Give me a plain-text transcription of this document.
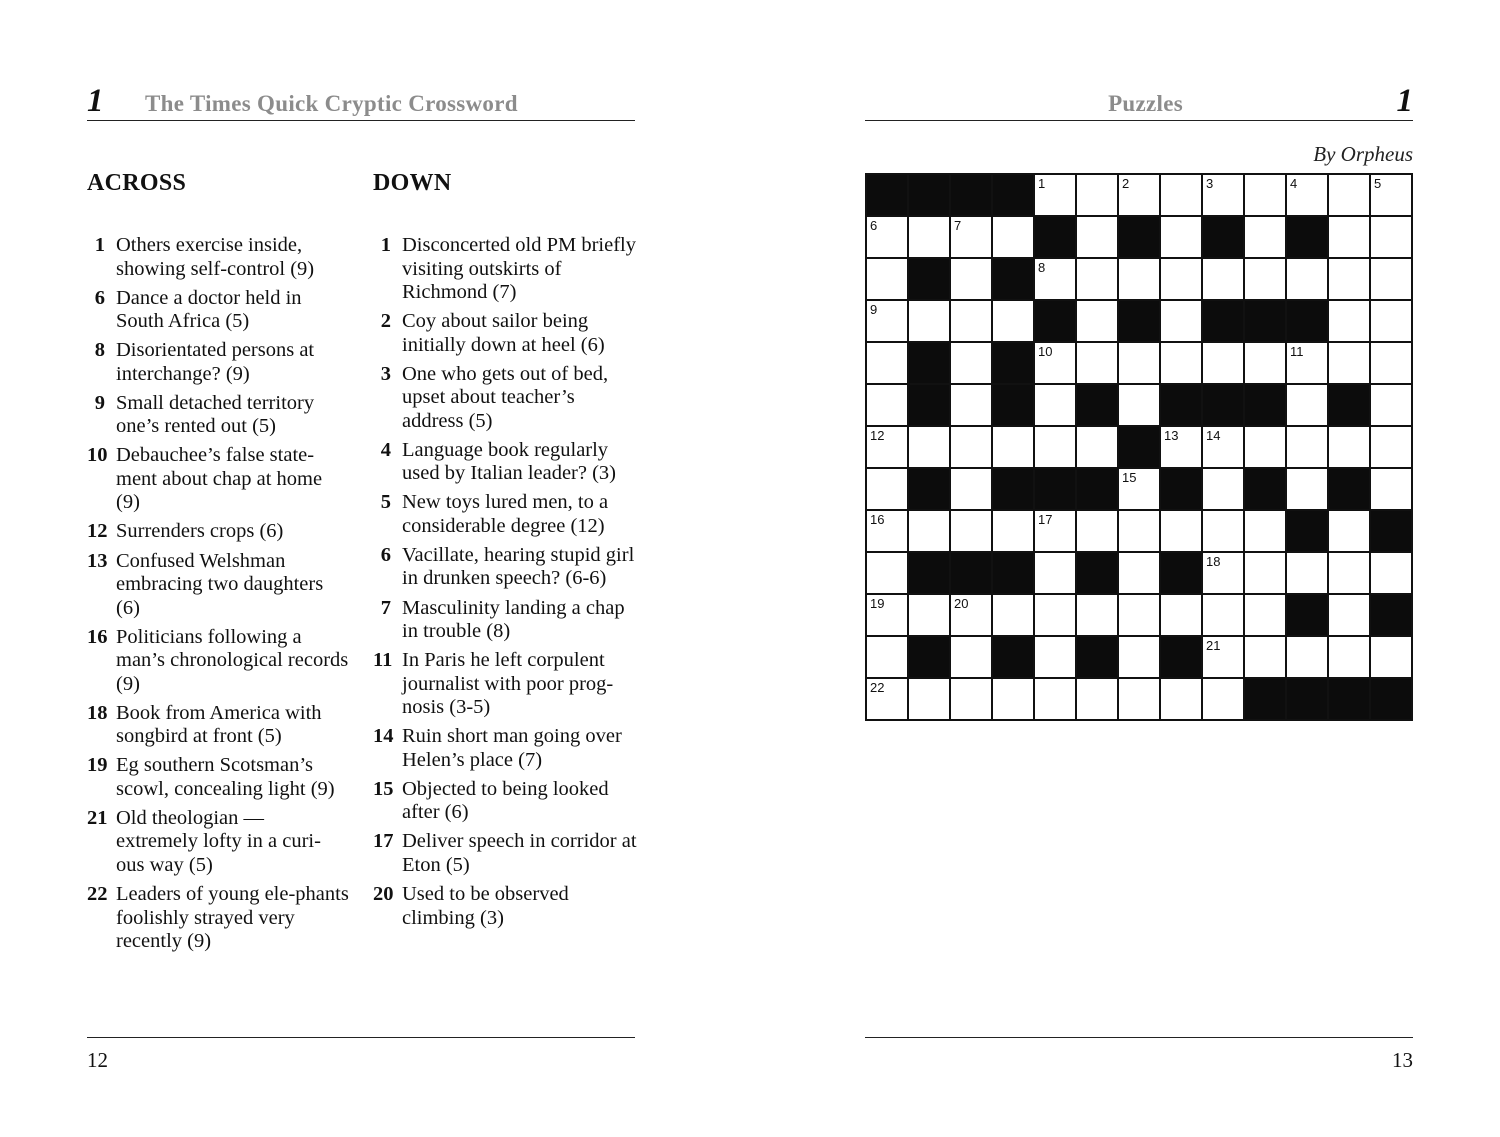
1 The Times Quick Cryptic Crossword
ACROSS
1 Others exercise inside, showing self-control (9)
6 Dance a doctor held in South Africa (5)
8 Disorientated persons at interchange? (9)
9 Small detached territory one’s rented out (5)
10 Debauchee’s false state-ment about chap at home (9)
12 Surrenders crops (6)
13 Confused Welshman embracing two daughters (6)
16 Politicians following a man’s chronological records (9)
18 Book from America with songbird at front (5)
19 Eg southern Scotsman’s scowl, concealing light (9)
21 Old theologian — extremely lofty in a curi-ous way (5)
22 Leaders of young ele-phants foolishly strayed very recently (9)
DOWN
1 Disconcerted old PM briefly visiting outskirts of Richmond (7)
2 Coy about sailor being initially down at heel (6)
3 One who gets out of bed, upset about teacher’s address (5)
4 Language book regularly used by Italian leader? (3)
5 New toys lured men, to a considerable degree (12)
6 Vacillate, hearing stupid girl in drunken speech? (6-6)
7 Masculinity landing a chap in trouble (8)
11 In Paris he left corpulent journalist with poor prog-nosis (3-5)
14 Ruin short man going over Helen’s place (7)
15 Objected to being looked after (6)
17 Deliver speech in corridor at Eton (5)
20 Used to be observed climbing (3)
12
Puzzles	1
By Orpheus
1	2	3	4	5
6	7
8
9
10	11
12	13 14
15
16	17
18
19	20
21
22
13
